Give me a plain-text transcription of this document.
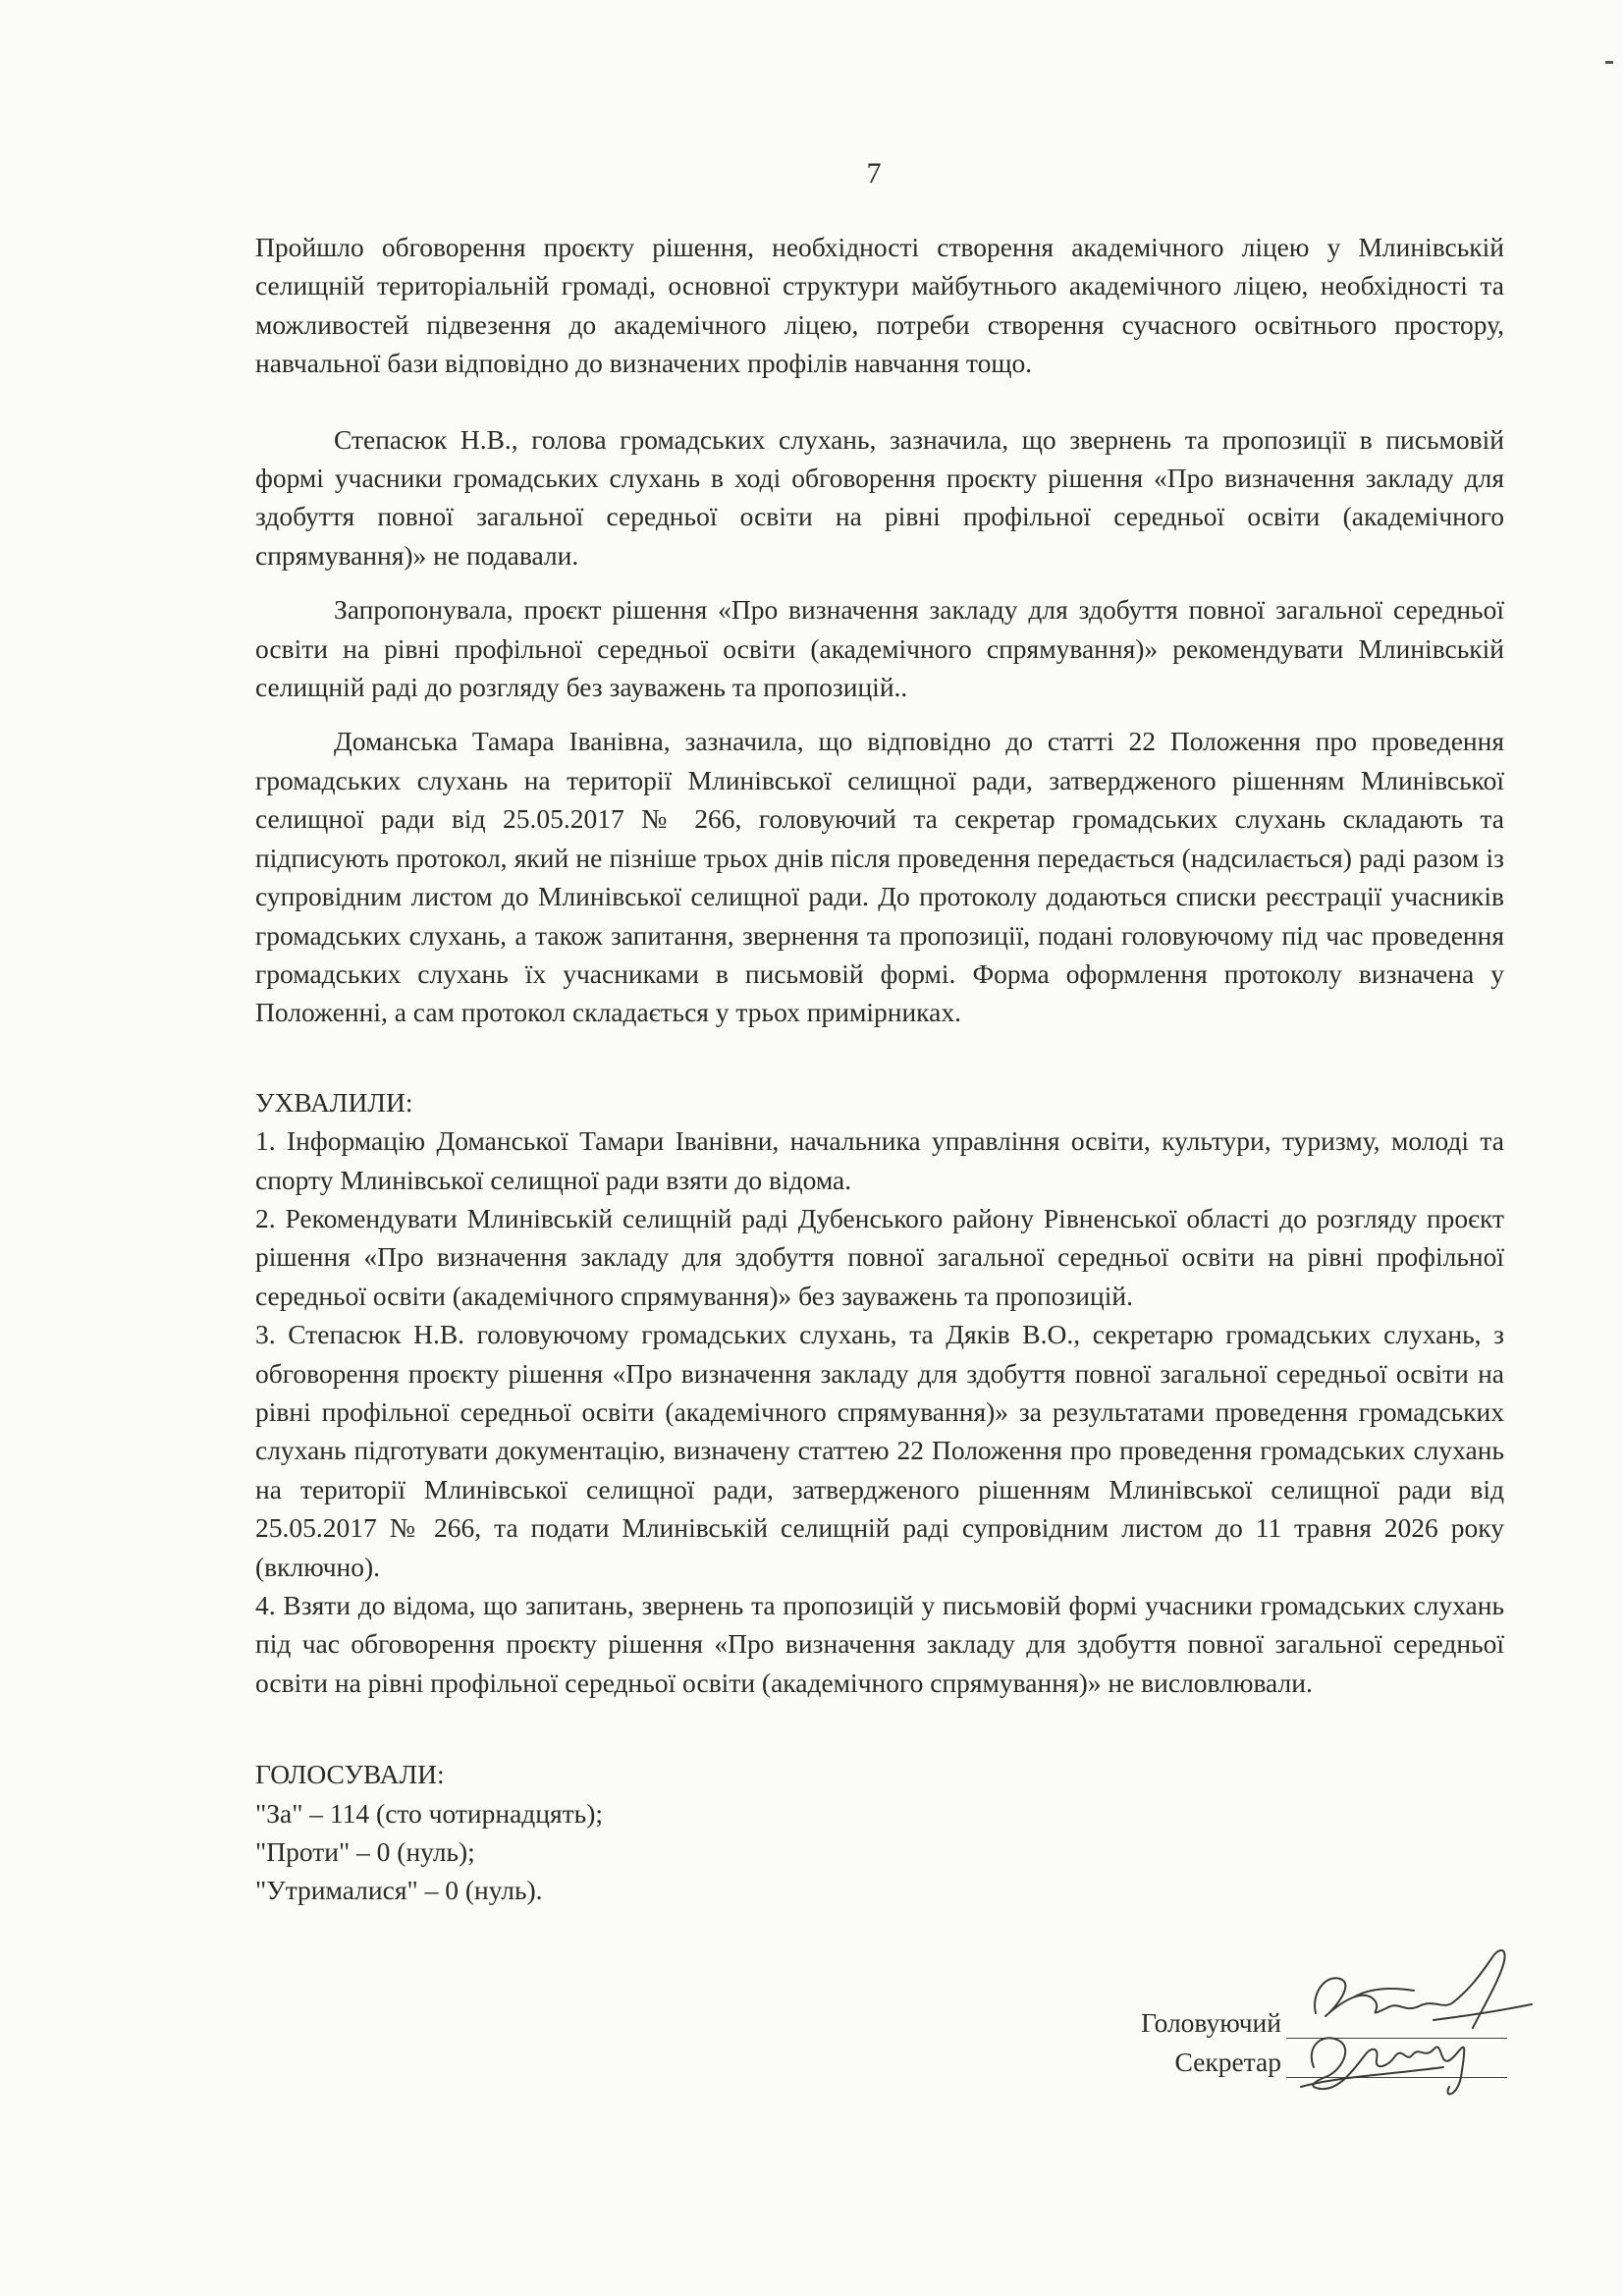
7

Пройшло обговорення проєкту рішення, необхідності створення академічного ліцею у Млинівській селищній територіальній громаді, основної структури майбутнього академічного ліцею, необхідності та можливостей підвезення до академічного ліцею, потреби створення сучасного освітнього простору, навчальної бази відповідно до визначених профілів навчання тощо.

Степасюк Н.В., голова громадських слухань, зазначила, що звернень та пропозиції в письмовій формі учасники громадських слухань в ході обговорення проєкту рішення «Про визначення закладу для здобуття повної загальної середньої освіти на рівні профільної середньої освіти (академічного спрямування)» не подавали.

Запропонувала, проєкт рішення «Про визначення закладу для здобуття повної загальної середньої освіти на рівні профільної середньої освіти (академічного спрямування)» рекомендувати Млинівській селищній раді до розгляду без зауважень та пропозицій..

Доманська Тамара Іванівна, зазначила, що відповідно до статті 22 Положення про проведення громадських слухань на території Млинівської селищної ради, затвердженого рішенням Млинівської селищної ради від 25.05.2017 № 266, головуючий та секретар громадських слухань складають та підписують протокол, який не пізніше трьох днів після проведення передається (надсилається) раді разом із супровідним листом до Млинівської селищної ради. До протоколу додаються списки реєстрації учасників громадських слухань, а також запитання, звернення та пропозиції, подані головуючому під час проведення громадських слухань їх учасниками в письмовій формі. Форма оформлення протоколу визначена у Положенні, а сам протокол складається у трьох примірниках.

УХВАЛИЛИ:

1. Інформацію Доманської Тамари Іванівни, начальника управління освіти, культури, туризму, молоді та спорту Млинівської селищної ради взяти до відома.

2. Рекомендувати Млинівській селищній раді Дубенського району Рівненської області до розгляду проєкт рішення «Про визначення закладу для здобуття повної загальної середньої освіти на рівні профільної середньої освіти (академічного спрямування)» без зауважень та пропозицій.

3. Степасюк Н.В. головуючому громадських слухань, та Дяків В.О., секретарю громадських слухань, з обговорення проєкту рішення «Про визначення закладу для здобуття повної загальної середньої освіти на рівні профільної середньої освіти (академічного спрямування)» за результатами проведення громадських слухань підготувати документацію, визначену статтею 22 Положення про проведення громадських слухань на території Млинівської селищної ради, затвердженого рішенням Млинівської селищної ради від 25.05.2017 № 266, та подати Млинівській селищній раді супровідним листом до 11 травня 2026 року (включно).

4. Взяти до відома, що запитань, звернень та пропозицій у письмовій формі учасники громадських слухань під час обговорення проєкту рішення «Про визначення закладу для здобуття повної загальної середньої освіти на рівні профільної середньої освіти (академічного спрямування)» не висловлювали.

ГОЛОСУВАЛИ:

"За" – 114 (сто чотирнадцять);

"Проти" – 0 (нуль);

"Утрималися" – 0 (нуль).

Головуючий
Секретар
